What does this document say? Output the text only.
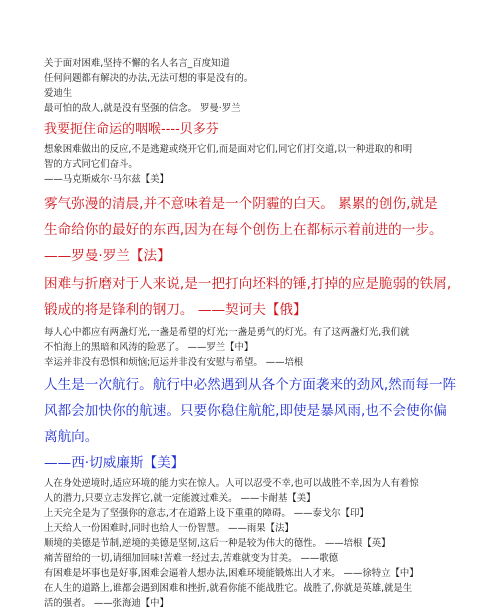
关于面对困难,坚持不懈的名人名言_百度知道
任何问题都有解决的办法,无法可想的事是没有的。
爱迪生
最可怕的敌人,就是没有坚强的信念。 罗曼·罗兰
我要扼住命运的咽喉----贝多芬
想象困难做出的反应,不是逃避或绕开它们,而是面对它们,同它们打交道,以一种进取的和明
智的方式同它们奋斗。
——马克斯威尔·马尔兹【美】
雾气弥漫的清晨,并不意味着是一个阴霾的白天。 累累的创伤,就是
生命给你的最好的东西,因为在每个创伤上在都标示着前进的一步。
——罗曼·罗兰【法】
困难与折磨对于人来说,是一把打向坯料的锤,打掉的应是脆弱的铁屑,
锻成的将是锋利的钢刀。 ——契诃夫【俄】
每人心中都应有两盏灯光,一盏是希望的灯光;一盏是勇气的灯光。有了这两盏灯光,我们就
不怕海上的黑暗和风涛的险恶了。 ——罗兰【中】
幸运并非没有恐惧和烦恼;厄运并非没有安慰与希望。 ——培根
人生是一次航行。航行中必然遇到从各个方面袭来的劲风,然而每一阵
风都会加快你的航速。只要你稳住航舵,即使是暴风雨,也不会使你偏
离航向。
——西·切威廉斯【美】
人在身处逆境时,适应环境的能力实在惊人。人可以忍受不幸,也可以战胜不幸,因为人有着惊
人的潜力,只要立志发挥它,就一定能渡过难关。 ——卡耐基【美】
上天完全是为了坚强你的意志,才在道路上设下重重的障碍。 ——泰戈尔【印】
上天给人一份困难时,同时也给人一份智慧。 ——雨果【法】
顺境的美德是节制,逆境的美德是坚韧,这后一种是较为伟大的德性。 ——培根【英】
痛苦留给的一切,请细加回味!苦难一经过去,苦难就变为甘美。 ——歌德
有困难是坏事也是好事,困难会逼着人想办法,困难环境能锻炼出人才来。 ——徐特立【中】
在人生的道路上,谁都会遇到困难和挫折,就看你能不能战胜它。战胜了,你就是英雄,就是生
活的强者。 ——张海迪【中】
